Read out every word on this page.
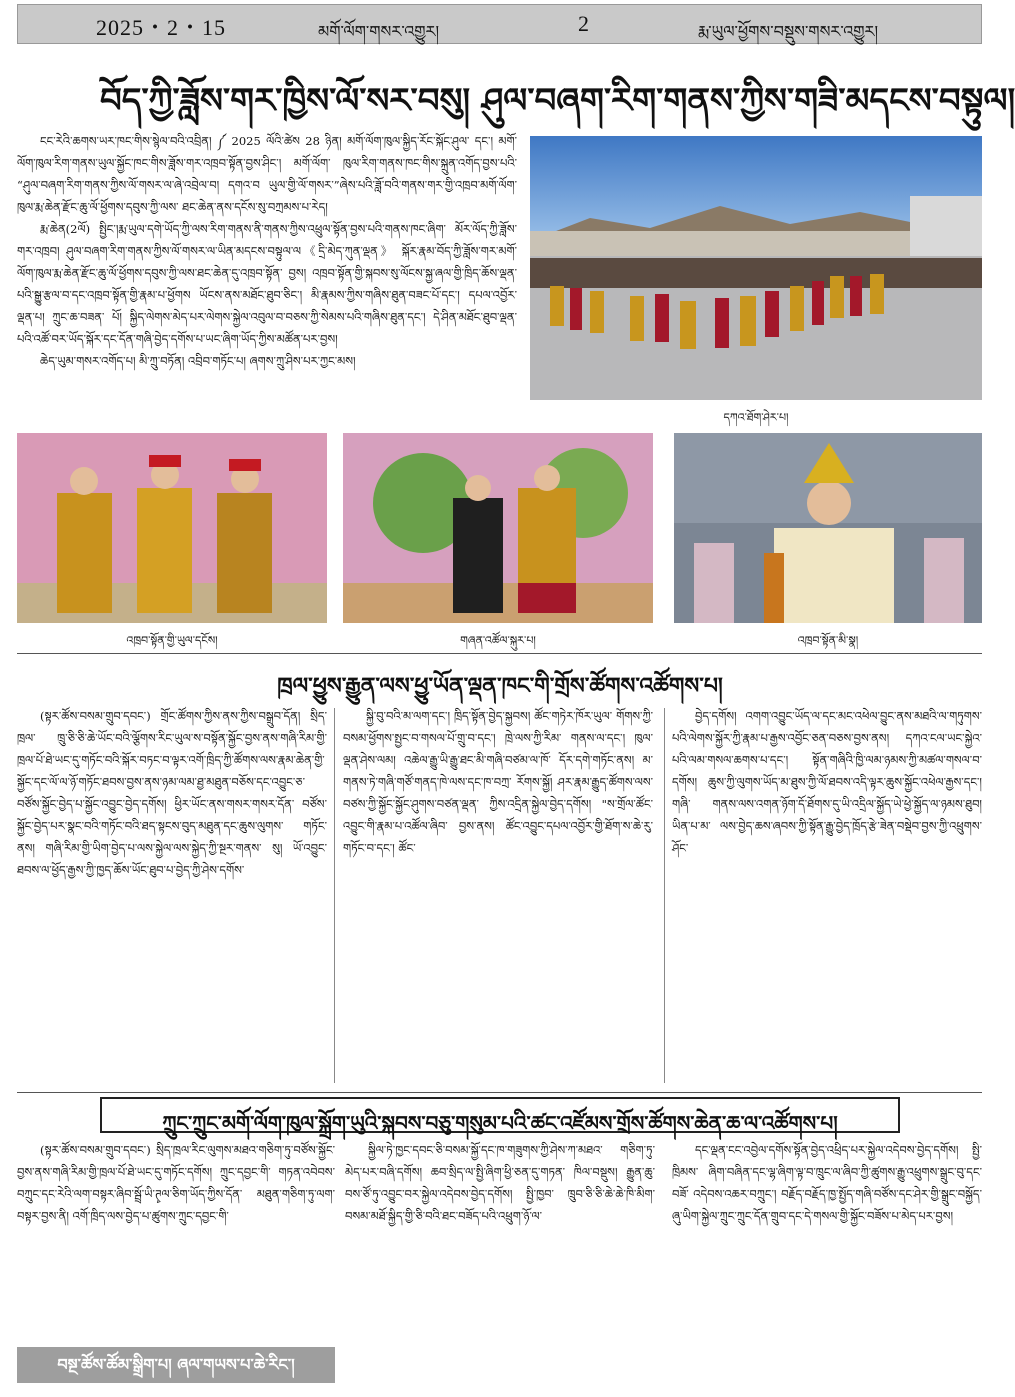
2025・2・15	མགོ་ལོག་གསར་འགྱུར།	2	རྨ་ཡུལ་ཕྱོགས་བསྡུས་གསར་འགྱུར།
བོད་ཀྱི་ཟློས་གར་ཁྱིས་ལོ་སར་བསུ། ཤུལ་བཞག་རིག་གནས་ཀྱིས་གཟི་མདངས་བསྟུལ།

ངང་རེའི་ཆགས་ཡར་ཁང་གིས་སྙེལ་བའི་འབྲིན། ༼ 2025 ལོའི་ཚེས 28 ཉིན། མགོ་ལོག་ཁུལ་སྐྱིད་རོང་སྐོང་ཤུལ་ དང་། མགོ་ལོག་ཁུལ་རིག་གནས་ཡུལ་སྐྱོང་ཁང་གིས་ཟློས་གར་འཁྲབ་སྟོན་བྱས་ཤིང་། མགོ་ལོག་ ཁུལ་རིག་གནས་ཁང་གིས་སྐྲུན་འགོད་བྱས་པའི་ “ཤུལ་བཞག་རིག་གནས་ཀྱིས་ལོ་གསར་ལ་ཞེ་འབྲེལ་བ། དགའ་བ ཡུལ་གྱི་ལོ་གསར་”ཞེས་པའི་ཟློ་བའི་གནས་གར་གྱི་འཁྲབ་མགོ་ལོག་ཁུལ་རྨ་ཆེན་རྫོང་ཆུ་ལོ་ཕྱོགས་དབུས་ཀྱི་ལས་ ཐང་ཆེན་ནས་དངོས་སུ་བཀྲམས་པ་རེད།

རྨ་ཆེན(2ལོ) སྤྱིང་།རྨ་ཡུལ་དགེ་ཡོད་ཀྱི་ལས་རིག་གནས་ནི་གནས་ཀྱིས་འཕྲུལ་སྟོན་བྱས་པའི་གནས་ཁང་ཞིག་ མོར་ལོད་ཀྱི་ཟློས་གར་འཁྲབ། ཤུལ་བཞག་རིག་གནས་ཀྱིས་ལོ་གསར་ལ་ཡིན་མདངས་བསྟུལ་ལ《དྲི་མེད་ཀུན་ལྡན》 སྐོར་རྣམ་བོད་ཀྱི་ཟློས་གར་མགོ་ལོག་ཁུལ་རྨ་ཆེན་རྫོང་ཆུ་ལོ་ཕྱོགས་དབུས་ཀྱི་ལས་ཐང་ཆེན་དུ་འཁྲབ་སྟོན་ བྱས། འཁྲབ་སྟོན་གྱི་སྐབས་སུ་ལོངས་སྐྱ་ཞལ་གྱི་ཁྲིད་ཆོས་ལྡན་པའི་སྒྱུ་རྩལ་བ་དང་འཁྲབ་སྟོན་གྱི་རྣམ་པ་ཕྱོགས ཡོངས་ནས་མཐོང་ཐུབ་ཅིང་། མི་རྣམས་ཀྱིས་གཞིས་ཐུན་བཟང་པོ་དང་། དཔལ་འབྱོར་ལྡན་པ། ཀྲུང་ཆ་བཟན་ པོ། སྐྱིད་ལེགས་མེད་པར་ལེགས་སྐྱེལ་འབུལ་བ་བཅས་ཀྱི་སེམས་པའི་གཞིས་ཐུན་དང་། དེ་ཤིན་མཐོང་ཐུབ་ལྡན་ པའི་འཚོ་བར་ཡོད་སྐོར་དང་དོན་གཞི་བྱེད་དགོས་པ་ཡང་ཞིག་ཡོད་ཀྱིས་མཚོན་པར་བྱས།

ཆེད་ཡུམ་གསར་འགོད་པ། མི་ཀྲུ་བཏོན། འབྲིབ་གཏོང་པ། ཞགས་ཀྲུ་ཤིས་པར་ཀྱང་མས།

དཀའ་ཐོག་ཤེར་པ།
འཁྲབ་སྟོན་གྱི་ཡུལ་དངོས།	གཞན་འཚོལ་སྐུར་པ།	འཁྲབ་སྟོན་མི་སྣ།
ཁྲལ་ཕྱུས་རྒྱུན་ལས་ཕྱུ་ཡོན་ལྡན་ཁང་གི་གྲོས་ཚོགས་འཚོགས་པ།

(སྟར་ཚོས་བསམ་གྲུབ་དབང་) གྲོང་ཚོགས་ཀྱིས་ནས་ཀྱིས་བསྒྲུབ་དོན། སྲིད་ཁྲལ་ ཁྲུ་ཅི་ཅི་ཆེ་ཡོང་བའི་ལྕོགས་རིང་ཡུལ་ས་བསྟོན་སྐྱོང་བྱས་ནས་གཞི་རིམ་གྱི་ ཁྲལ་པོ་ཐེ་ཡང་དུ་གཏོང་བའི་སྐོར་བཏང་བ་ལྟར་འགོ་ཁྲིད་ཀྱི་ཚོགས་ལས་རྣམ་ཆེན་གྱི་ སྐྱོང་དང་ལོ་ལ་ཉོ་གཏོང་ཐབས་བྱས་ནས་ཉམ་ལམ་ཐྱ་མཐུན་བཅོས་དང་འབྱུང་ཅ་ བཙོས་སྐྱོང་བྱེད་པ་སྐྱོང་འབྱུང་བྱེད་དགོས། ཕྱིར་ཡོང་ནས་གསར་གསར་དོན་ བཙོས་སྐྱོང་བྱེད་པར་སྣང་བའི་གཏོང་བའི་ཐད་སྟངས་བུད་མཐུན་དང་ཆུས་ལུགས་ གཏོང་ནས། གཞི་རིམ་གྱི་ཡིག་བྱེད་པ་ལས་སྐྱེལ་ལས་སྐྱེད་ཀྱི་སྔར་གནས་ སུ། ཡོ་འབྱུང་ཐབས་ལ་ཕྱོད་རྒྱས་ཀྱི་ཁྱད་ཆོས་ཡོང་ཐུབ་པ་བྱེད་ཀྱི་ཤེས་དགོས་

སྐྱི་བུ་བའི་མ་ལག་དང་། ཁྲིད་སྟོན་བྱེད་སྐྱབས། ཚོང་གཏེར་ཁོར་ཡུལ་ གོགས་ཀྱི་བསམ་ཕྱོགས་སྤྱང་བ་གསལ་པོ་གྲུ་བ་དང་། ཁྲེ་ལས་ཀྱི་རིམ་ གནས་ལ་དང་། ཁུལ་ལྡན་ཤེས་ལམ། འཆེལ་རྒྱུ་ཡི་རྒྱུ་ཐང་མི་གཞི་བཙམ་ལ་ཁོ་ དོར་དགེ་གཏོང་ནས། མ་གནས་ཏེ་གཞི་གཙོ་གནད་ཁེ་ལས་དང་ཁ་བཀྲ་ རོགས་སྐྱོ། ཤར་རྣམ་རྒྱུད་ཚོགས་ལས་བཙས་ཀྱི་སྐྱོང་སྐྱོང་ཤུགས་བཙན་ལྡན་ ཀྱིས་འདྲིན་སྐྱེལ་བྱེད་དགོས། "ས་གྲོལ་ཚོང་འབྱུང་གི་རྣམ་པ་འཚོལ་ཞིབ་ བྱས་ནས། ཚོང་འབྱུང་དཔལ་འབྱོར་གྱི་ཐོག་ས་ཆེ་རུ་གཏོང་བ་དང་། ཚོང་

བྱེད་དགོས། འགག་འབྱུང་ཡོད་ལ་དང་མང་འཕེལ་བྱུང་ནས་མཐའི་ལ་གཏུགས་ པའི་ལེགས་སྐྱོར་ཀྱི་རྣམ་པ་རྒྱས་འབྱོང་ཅན་བཅས་བྱས་ནས། དཀའ་ངལ་ཡང་སྐྱེའ་ པའི་ལམ་གསལ་ཆགས་པ་དང་། སྟོན་གཞིའི་ཁྱི་ལམ་ཉམས་ཀྱི་མཚལ་གསལ་བ་ དགོས། ཆུས་ཀྱི་ལུགས་ཡོད་མ་ཐུས་ཀྱི་ལོ་ཐབས་འདི་ལྟར་ཆུས་སྐྱོང་འཕེལ་རྒྱས་དང་། གཞི་ གནས་ལས་འགན་ཉོག་དོ་ཐོགས་དུ་ཡི་འདྲིལ་སྐྱོད་ཡེ་ཕྱེ་སྐྱོད་ལ་ཉམས་ཐུབ། ཡིན་པ་མ་ ལས་བྱེད་ཆས་ཞབས་ཀྱི་སྟོན་རྒྱུ་བྱེད་ཁྲོད་རྩེ་ཟེན་བསྡེབ་བྱས་ཀྱི་འཕྲུགས་ཤོང་

ཀྲུང་ཀྲུང་མགོ་ལོག་ཁུལ་སྐྲོག་ཡུའི་སྐབས་བཅུ་གསུམ་པའི་ཚང་འཛོམས་གྲོས་ཚོགས་ཆེན་ཆ་ལ་འཚོགས་པ།

(སྟར་ཚོས་བསམ་གྲུབ་དབང་) སྲིད་ཁྲལ་རིང་ལུགས་མཐའ་གཅིག་ཏུ་བཙོས་སྐྱོང་ བྱས་ནས་གཞི་རིམ་གྱི་ཁྲལ་པོ་ཐེ་ཡང་དུ་གཏོང་དགོས། ཀྲུང་དབྱང་གི་ གཏན་འབེབས་ བཀྲུང་དང་རེའི་ལག་བསྟར་ཞིབ་སྦྲོ་ཡི་ཊྭལ་ཅིག་ཡོད་ཀྱིས་དོན་ མཐུན་གཅིག་ཏུ་ལག་བསྟར་བྱས་ནི། འགོ་ཁྲིད་ལས་བྱེད་པ་ཚུགས་ཀྲུང་དབྱང་གི་

སྐྱིལ་ཏེ་ཁྱང་དབང་ཅི་བསམ་སྐྱོ་དང་ཁ་གཟུགས་ཀྱི་ཤེས་ཀ་མཐའ་ གཅིག་ཏུ་མེད་པར་བཞི་དགོས། ཆབ་སྲིད་ལ་སྤྱི་ཞིག་ཕྱི་ཅན་དུ་གཏན་ ཁིལ་བསྡུས། རྒྱུན་ཆུ་བས་ཙོ་ཏུ་འབྱུང་བར་སྐྱེལ་འདེབས་བྱེད་དགོས། སྤྱི་ཁྱབ་ ཁྲུབ་ཅི་ཅི་ཆེ་ཆེ་ཁི་མིག་བསམ་མཐོ་སྐྱིད་གྱི་ཅི་བའི་ཐང་བཟོད་པའི་འཕྲུག་ཉོ་ལ་

དང་ལྡན་ངང་འབྱེལ་དགོས་སྟོན་བྱེད་འཕྲིད་པར་སྐྱེལ་འདེབས་བྱེད་དགོས། སྤྱི་ཁྲིམས་ ཞིག་བཞིན་དང་ལྷ་ཞིག་ལྟ་བ་ཁྲུང་ལ་ཞིབ་ཀྱི་ཚུགས་རྒྱུ་འཕྲུགས་སྒྲུང་བུ་དང་བཟོ་ འདེབས་འཆར་བཀྲུང་། བརྗོད་བརྗོད་ཁྱ་སྤྱོད་གཞི་བཙོས་དང་ཤེར་གྱི་སྒྲུང་བསྐྱོད་ ཞུ་ཡིག་སྐྱེལ་ཀྲུང་ཀྲུང་དོན་གྲུབ་དང་དེ་གསལ་གྱི་སྐྱོང་བཟོས་པ་མེད་པར་བྱས།

བསྔ་ཚོས་ཚོམ་སྒྲིག་པ། ཞལ་གཡས་པ་ཆེ་རིང་།
